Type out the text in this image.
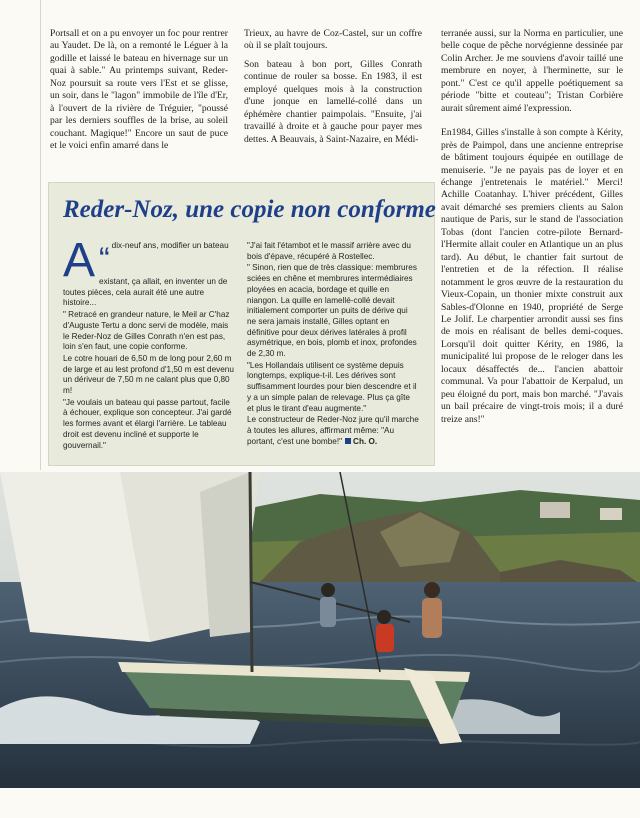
Portsall et on a pu envoyer un foc pour rentrer au Yaudet. De là, on a remonté le Léguer à la godille et laissé le bateau en hivernage sur un quai à sable." Au printemps suivant, Reder-Noz poursuit sa route vers l'Est et se glisse, un soir, dans le "lagon" immobile de l'île d'Er, à l'ouvert de la rivière de Tréguier, "poussé par les derniers souffles de la brise, au soleil couchant. Magique!" Encore un saut de puce et le voici enfin amarré dans le

Trieux, au havre de Coz-Castel, sur un coffre où il se plaît toujours.

Son bateau à bon port, Gilles Conrath continue de rouler sa bosse. En 1983, il est employé quelques mois à la construction d'une jonque en lamellé-collé dans un éphémère chantier paimpolais. "Ensuite, j'ai travaillé à droite et à gauche pour payer mes dettes. A Beauvais, à Saint-Nazaire, en Médi-

terranée aussi, sur la Norma en particulier, une belle coque de pêche norvégienne dessinée par Colin Archer. Je me souviens d'avoir taillé une membrure en noyer, à l'herminette, sur le pont." C'est ce qu'il appelle poétiquement sa période "bitte et couteau"; Tristan Corbière aurait sûrement aimé l'expression.

En1984, Gilles s'installe à son compte à Kérity, près de Paimpol, dans une ancienne entreprise de bâtiment toujours équipée en outillage de menuiserie. "Je ne payais pas de loyer et en échange j'entretenais le matériel." Merci! Achille Coatanhay. L'hiver précédent, Gilles avait démarché ses premiers clients au Salon nautique de Paris, sur le stand de l'association Tobas (dont l'ancien cotre-pilote Bernard-l'Hermite allait couler en Atlantique un an plus tard). Au début, le chantier fait surtout de l'entretien et de la réfection. Il réalise notamment le gros œuvre de la restauration du Vieux-Copain, un thonier mixte construit aux Sables-d'Olonne en 1940, propriété de Serge Le Jolif. Le charpentier arrondit aussi ses fins de mois en réalisant de belles demi-coques. Lorsqu'il doit quitter Kérity, en 1986, la municipalité lui propose de le reloger dans les locaux désaffectés de... l'ancien abattoir communal. Va pour l'abattoir de Kerpalud, un peu éloigné du port, mais bon marché. "J'avais un bail précaire de vingt-trois mois; il a duré treize ans!"

Reder-Noz, une copie non conforme

“
A dix-neuf ans, modifier un bateau existant, ça allait, en inventer un de toutes pièces, cela aurait été une autre histoire...

" Retracé en grandeur nature, le Meil ar C'haz d'Auguste Tertu a donc servi de modèle, mais le Reder-Noz de Gilles Conrath n'en est pas, loin s'en faut, une copie conforme.

Le cotre houari de 6,50 m de long pour 2,60 m de large et au lest profond d'1,50 m est devenu un dériveur de 7,50 m ne calant plus que 0,80 m!

"Je voulais un bateau qui passe partout, facile à échouer, explique son concepteur. J'ai gardé les formes avant et élargi l'arrière. Le tableau droit est devenu incliné et supporte le gouvernail."

"J'ai fait l'étambot et le massif arrière avec du bois d'épave, récupéré à Rostellec.

" Sinon, rien que de très classique: membrures sciées en chêne et membrures intermédiaires ployées en acacia, bordage et quille en niangon. La quille en lamellé-collé devait initialement comporter un puits de dérive qui ne sera jamais installé, Gilles optant en définitive pour deux dérives latérales à profil asymétrique, en bois, plomb et inox, profondes de 2,30 m.

"Les Hollandais utilisent ce système depuis longtemps, explique-t-il. Les dérives sont suffisamment lourdes pour bien descendre et il y a un simple palan de relevage. Plus ça gîte et plus le tirant d'eau augmente."

Le constructeur de Reder-Noz jure qu'il marche à toutes les allures, affirmant même: "Au portant, c'est une bombe!" Ch. O.
